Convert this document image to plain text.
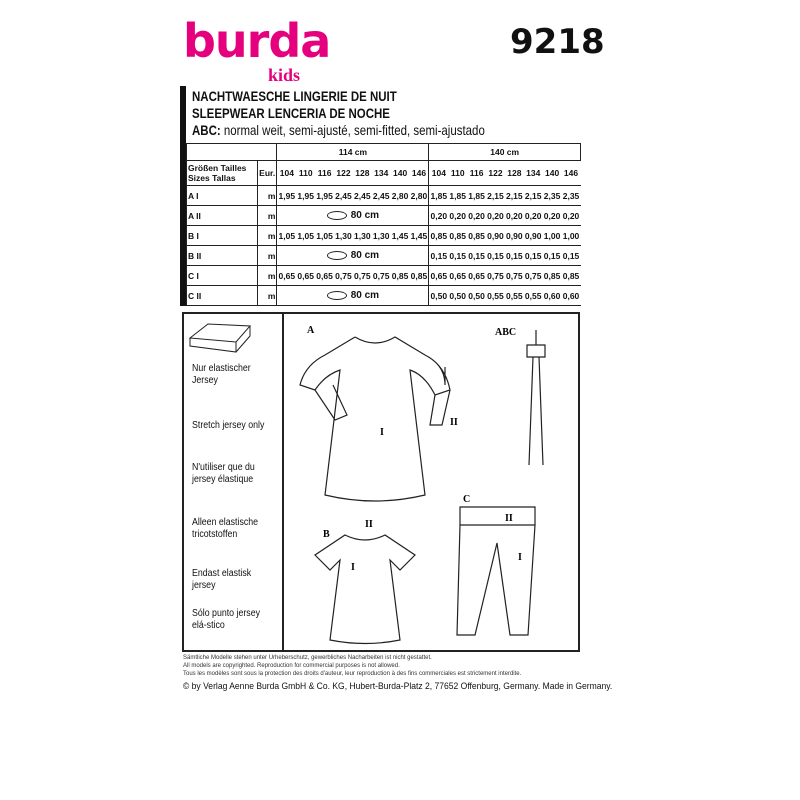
burda
kids
9218
NACHTWAESCHE LINGERIE DE NUIT
SLEEPWEAR LENCERIA DE NOCHE
ABC: normal weit, semi-ajusté, semi-fitted, semi-ajustado
		114 cm								140 cm							
Größen Tailles
Sizes Tallas	Eur.	104	110	116	122	128	134	140	146	104	110	116	122	128	134	140	146
A I	m	1,95	1,95	1,95	2,45	2,45	2,45	2,80	2,80	1,85	1,85	1,85	2,15	2,15	2,15	2,35	2,35
A II	m	80 cm								0,20	0,20	0,20	0,20	0,20	0,20	0,20	0,20
B I	m	1,05	1,05	1,05	1,30	1,30	1,30	1,45	1,45	0,85	0,85	0,85	0,90	0,90	0,90	1,00	1,00
B II	m	80 cm								0,15	0,15	0,15	0,15	0,15	0,15	0,15	0,15
C I	m	0,65	0,65	0,65	0,75	0,75	0,75	0,85	0,85	0,65	0,65	0,65	0,75	0,75	0,75	0,85	0,85
C II	m	80 cm								0,50	0,50	0,50	0,55	0,55	0,55	0,60	0,60
Nur elastischer Jersey
Stretch jersey only
N'utiliser que du jersey élastique
Alleen elastische tricotstoffen
Endast elastisk jersey
Sólo punto jersey elá-stico
A
I
II
ABC
B
II
I
C
II
I
Sämtliche Modelle stehen unter Urheberschutz, gewerbliches Nacharbeiten ist nicht gestattet.
All models are copyrighted. Reproduction for commercial purposes is not allowed.
Tous les modèles sont sous la protection des droits d'auteur, leur reproduction à des fins commerciales est strictement interdite.
© by Verlag Aenne Burda GmbH & Co. KG, Hubert-Burda-Platz 2, 77652 Offenburg, Germany. Made in Germany.
